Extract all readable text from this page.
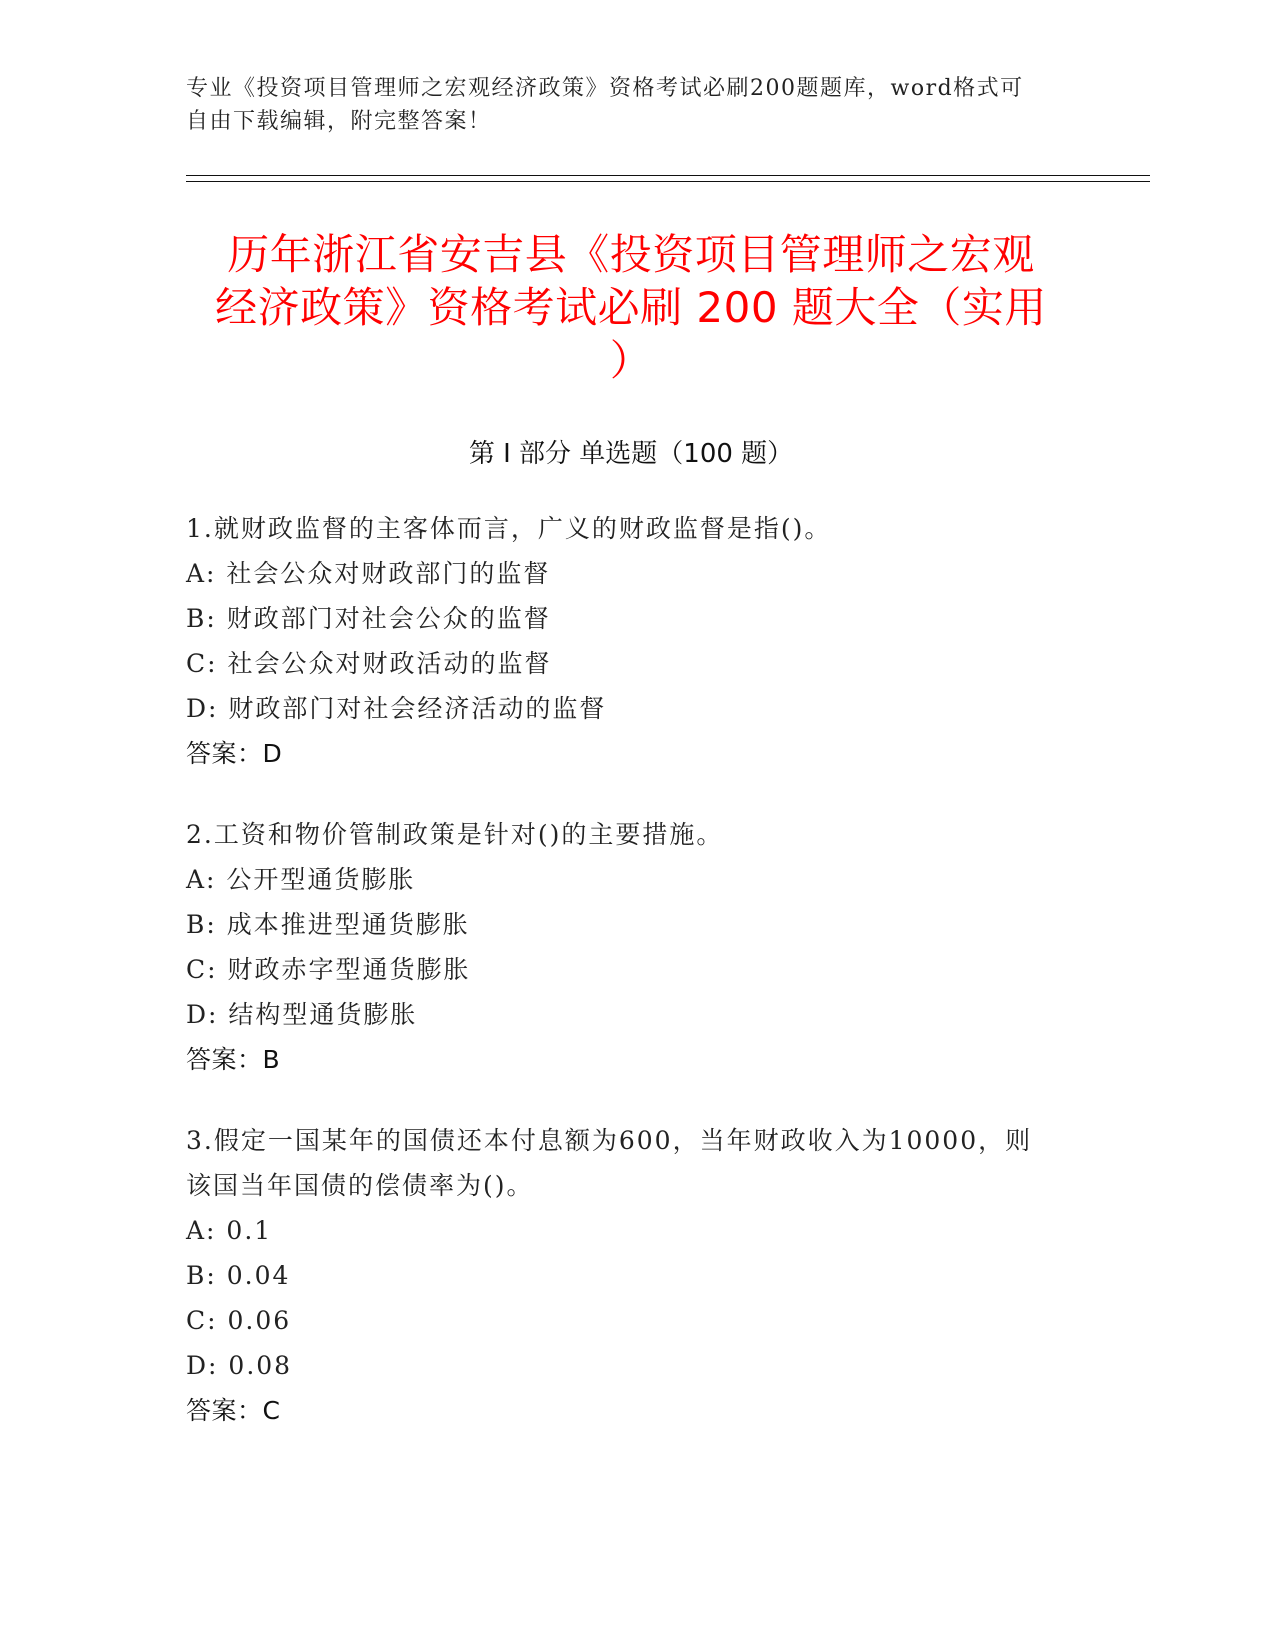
专业《投资项目管理师之宏观经济政策》资格考试必刷200题题库，word格式可
自由下载编辑，附完整答案！
历年浙江省安吉县《投资项目管理师之宏观
经济政策》资格考试必刷 200 题大全（实用
）
第 I 部分 单选题（100 题）
1.就财政监督的主客体而言，广义的财政监督是指()。
A: 社会公众对财政部门的监督
B: 财政部门对社会公众的监督
C: 社会公众对财政活动的监督
D: 财政部门对社会经济活动的监督
答案：D
2.工资和物价管制政策是针对()的主要措施。
A: 公开型通货膨胀
B: 成本推进型通货膨胀
C: 财政赤字型通货膨胀
D: 结构型通货膨胀
答案：B
3.假定一国某年的国债还本付息额为600，当年财政收入为10000，则
该国当年国债的偿债率为()。
A: 0.1
B: 0.04
C: 0.06
D: 0.08
答案：C
